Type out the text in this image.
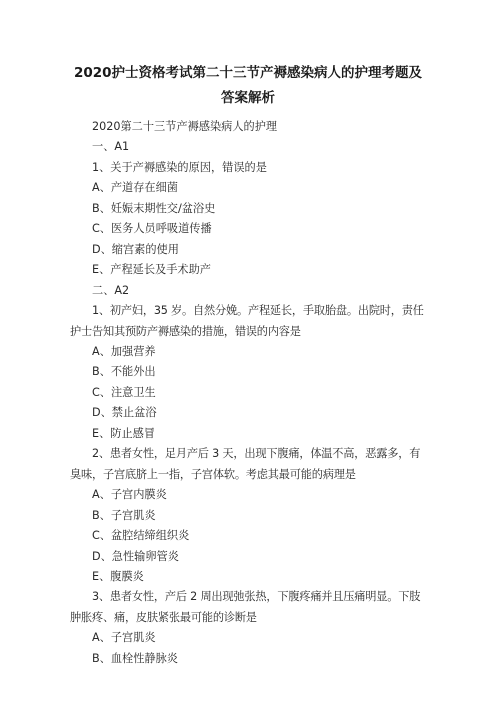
2020护士资格考试第二十三节产褥感染病人的护理考题及答案解析

2020第二十三节产褥感染病人的护理

一、A1

1、关于产褥感染的原因，错误的是

A、产道存在细菌

B、妊娠末期性交/盆浴史

C、医务人员呼吸道传播

D、缩宫素的使用

E、产程延长及手术助产

二、A2

1、初产妇，35 岁。自然分娩。产程延长，手取胎盘。出院时，责任护士告知其预防产褥感染的措施，错误的内容是

A、加强营养

B、不能外出

C、注意卫生

D、禁止盆浴

E、防止感冒

2、患者女性，足月产后 3 天，出现下腹痛，体温不高，恶露多，有臭味，子宫底脐上一指，子宫体软。考虑其最可能的病理是

A、子宫内膜炎

B、子宫肌炎

C、盆腔结缔组织炎

D、急性输卵管炎

E、腹膜炎

3、患者女性，产后 2 周出现弛张热，下腹疼痛并且压痛明显。下肢肿胀疼、痛，皮肤紧张最可能的诊断是

A、子宫肌炎

B、血栓性静脉炎
